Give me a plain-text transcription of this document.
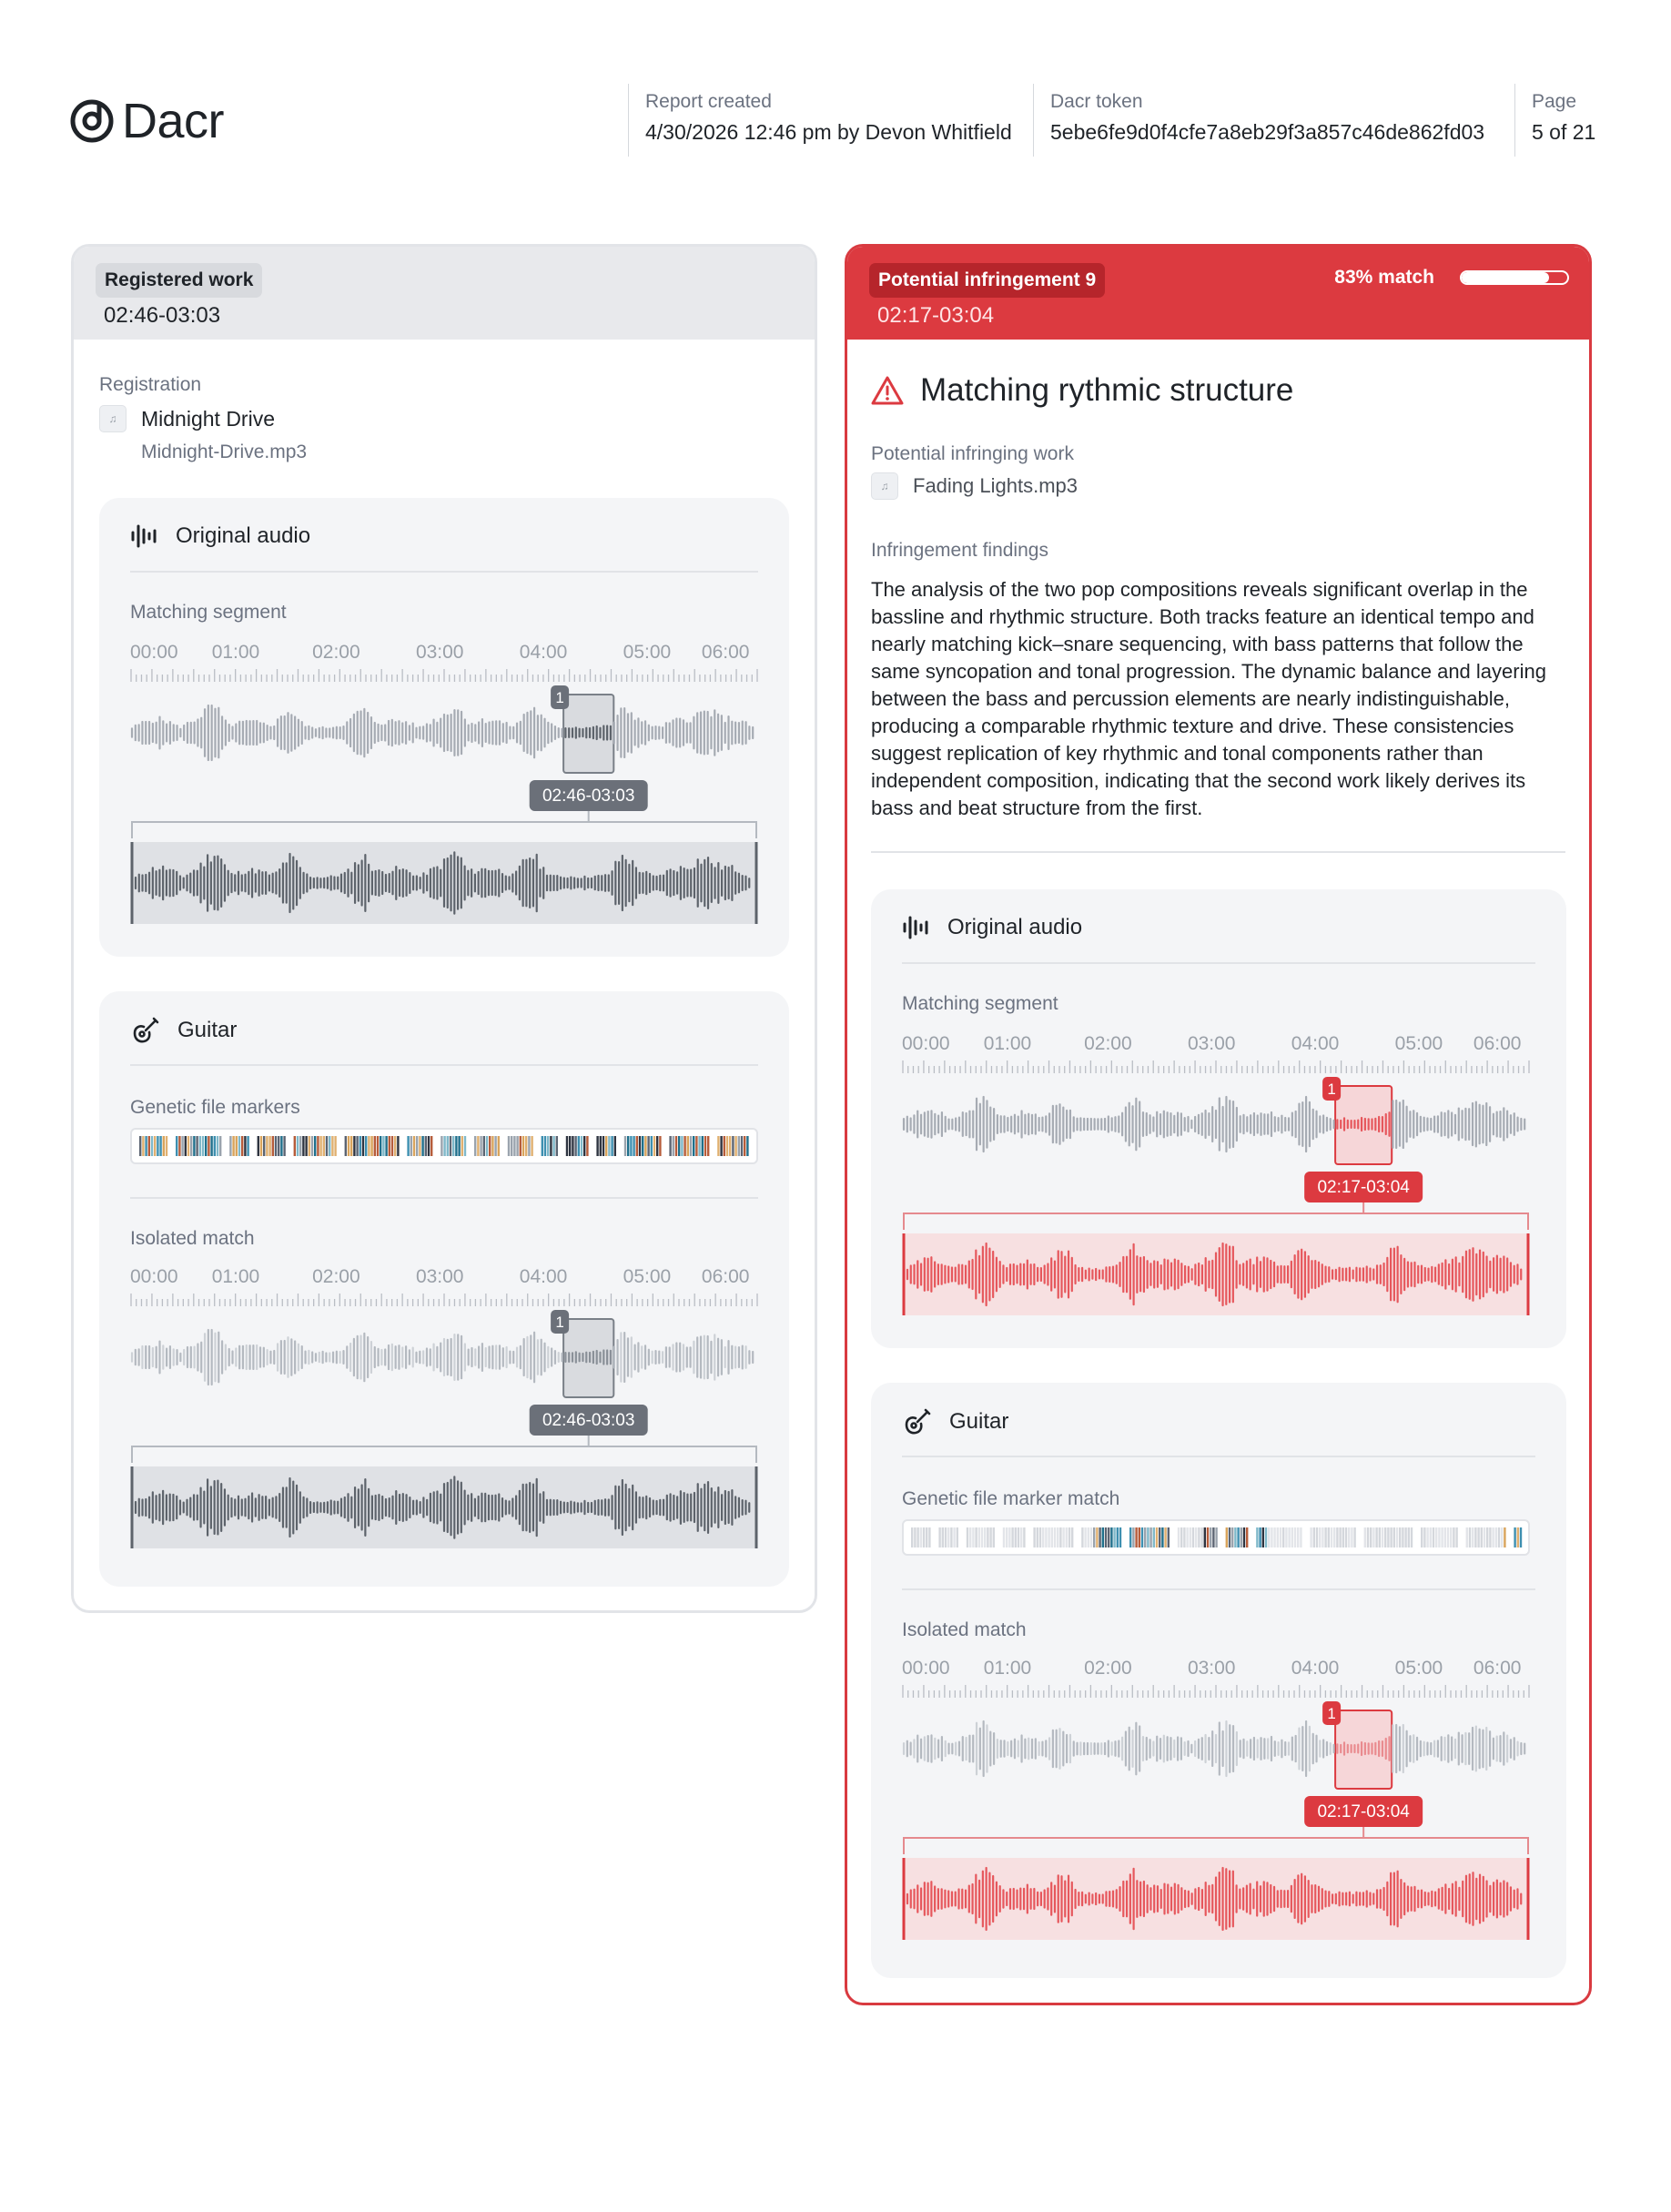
Dacr	Report created
4/30/2026 12:46 pm by Devon Whitfield
Dacr token
5ebe6fe9d0f4cfe7a8eb29f3a857c46de862fd03
Page
5 of 21
Registered work
02:46-03:03
Registration
♫	Midnight Drive
Midnight-Drive.mp3
Original audio
Matching segment
00:00 01:00	02:00	03:00	04:00	05:00 06:00
1
02:46-03:03
Guitar
Genetic file markers
Isolated match
00:00 01:00	02:00	03:00	04:00	05:00 06:00
1
02:46-03:03
Potential infringement 9
02:17-03:04
83% match
Matching rythmic structure
Potential infringing work
♫	Fading Lights.mp3
Infringement findings
The analysis of the two pop compositions reveals significant overlap in the bassline and rhythmic structure. Both tracks feature an identical tempo and nearly matching kick–snare sequencing, with bass patterns that follow the same syncopation and tonal progression. The dynamic balance and layering between the bass and percussion elements are nearly indistinguishable, producing a comparable rhythmic texture and drive. These consistencies suggest replication of key rhythmic and tonal components rather than independent composition, indicating that the second work likely derives its bass and beat structure from the first.
Original audio
Matching segment
00:00 01:00	02:00	03:00	04:00	05:00 06:00
1
02:17-03:04
Guitar
Genetic file marker match
Isolated match
00:00 01:00	02:00	03:00	04:00	05:00 06:00
1
02:17-03:04
